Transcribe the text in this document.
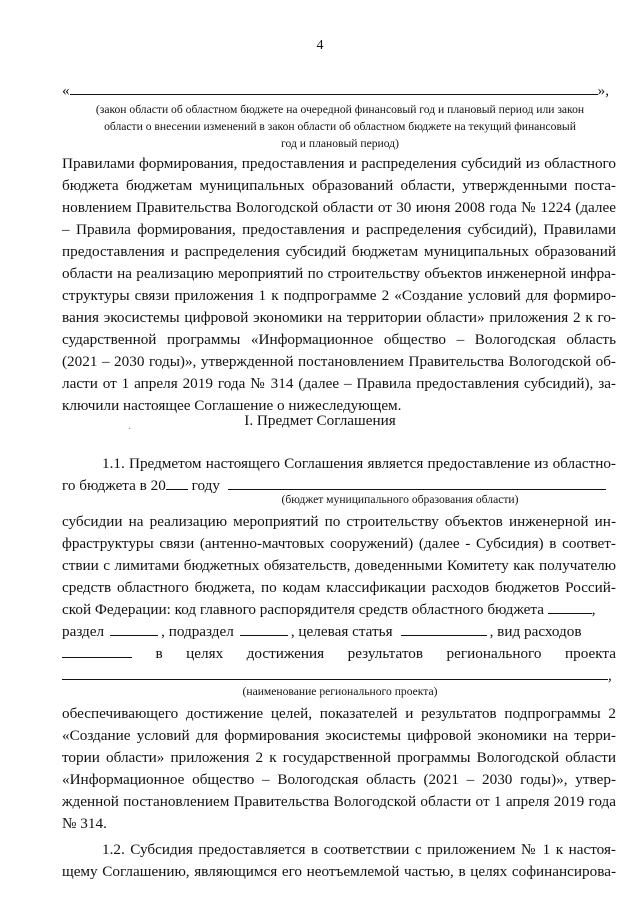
4
«	»,
(закон области об областном бюджете на очередной финансовый год и плановый период или закон
области о внесении изменений в закон области об областном бюджете на текущий финансовый
год и плановый период)
Правилами формирования, предоставления и распределения субсидий из областного
бюджета бюджетам муниципальных образований области, утвержденными поста-
новлением Правительства Вологодской области от 30 июня 2008 года № 1224 (далее
– Правила формирования, предоставления и распределения субсидий), Правилами
предоставления и распределения субсидий бюджетам муниципальных образований
области на реализацию мероприятий по строительству объектов инженерной инфра-
структуры связи приложения 1 к подпрограмме 2 «Создание условий для формиро-
вания экосистемы цифровой экономики на территории области» приложения 2 к го-
сударственной программы «Информационное общество – Вологодская область
(2021 – 2030 годы)», утвержденной постановлением Правительства Вологодской об-
ласти от 1 апреля 2019 года № 314 (далее – Правила предоставления субсидий), за-
ключили настоящее Соглашение о нижеследующем.
I. Предмет Соглашения
·
1.1. Предметом настоящего Соглашения является предоставление из областно-
го бюджета в 20 году
(бюджет муниципального образования области)
субсидии на реализацию мероприятий по строительству объектов инженерной ин-
фраструктуры связи (антенно-мачтовых сооружений) (далее - Субсидия) в соответ-
ствии с лимитами бюджетных обязательств, доведенными Комитету как получателю
средств областного бюджета, по кодам классификации расходов бюджетов Россий-
ской Федерации: код главного распорядителя средств областного бюджета	,
раздел	, подраздел	, целевая статья	, вид расходов
в целях достижения результатов регионального проекта
,
(наименование регионального проекта)
обеспечивающего достижение целей, показателей и результатов подпрограммы 2
«Создание условий для формирования экосистемы цифровой экономики на терри-
тории области» приложения 2 к государственной программы Вологодской области
«Информационное общество – Вологодская область (2021 – 2030 годы)», утвер-
жденной постановлением Правительства Вологодской области от 1 апреля 2019 года
№ 314.
1.2. Субсидия предоставляется в соответствии с приложением № 1 к настоя-
щему Соглашению, являющимся его неотъемлемой частью, в целях софинансирова-
